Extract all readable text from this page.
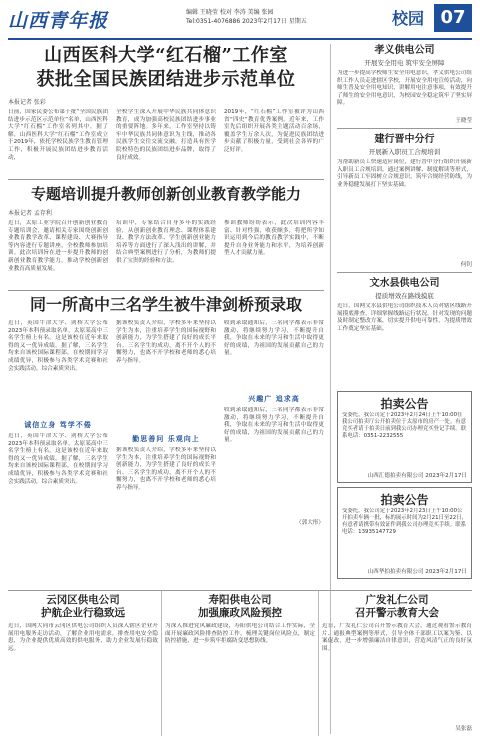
山西青年报	编辑 王晓莹 校对 李涛 美编 张园
Tel:0351-4076886 2023年2月17日 星期五	校园 07
山西医科大学“红石榴”工作室
获批全国民族团结进步示范单位
本报记者 张彩
日前，国家民委公布第十批“全国民族团结进步示范区示范单位”名单，山西医科大学“红石榴”工作室名列其中。据了解，山西医科大学“红石榴”工作室成立于2019年，依托学校民族学生教育管理工作，积极开展民族团结进步教育活动，
全校学生深入开展中华民族共同体意识教育，成为加强高校民族团结进步事业的重要阵地。多年来，工作室坚持以铸牢中华民族共同体意识为主线，推动各民族学生交往交流交融，打造具有医学院校特色的民族团结进步品牌，取得了良好成效。
2019年，“红石榴”工作室被评为山西省“四史”教育优秀案例。近年来，工作室先后组织开展各类主题活动百余场，覆盖学生万余人次，为促进民族团结进步贡献了积极力量，受到社会各界的广泛好评。
专题培训提升教师创新创业教育教学能力
本报记者 孟存利
近日，太原工业学院召开创新创业教育专题培训会，邀请相关专家围绕创新创业教育教学改革、课程建设、大赛指导等内容进行专题讲座，全校教师参加培训。此次培训旨在进一步提升教师的创新创业教育教学能力，推动学校创新创业教育高质量发展。
培训中，专家结合自身多年的实践经验，从创新创业教育理念、课程体系建设、教学方法改革、学生创新创业能力培养等方面进行了深入浅出的讲解，并结合典型案例进行了分析，为教师们提供了宝贵的经验和方法。
参训教师纷纷表示，此次培训内容丰富、针对性强，收获颇多，将把所学知识运用到今后的教育教学实践中，不断提升自身业务能力和水平，为培养创新型人才贡献力量。
同一所高中三名学生被牛津剑桥预录取
近日，英国牛津大学、剑桥大学公布2023年本科预录取名单，太原某高中三名学生榜上有名。这是该校在近年来取得的又一优异成绩。据了解，三名学生均来自该校国际课程部，在校期间学习成绩优异，积极参与各类学术竞赛和社会实践活动，综合素质突出。
诚信立身 笃学不倦
近日，英国牛津大学、剑桥大学公布2023年本科预录取名单，太原某高中三名学生榜上有名。这是该校在近年来取得的又一优异成绩。据了解，三名学生均来自该校国际课程部，在校期间学习成绩优异，积极参与各类学术竞赛和社会实践活动，综合素质突出。
据该校负责人介绍，学校多年来坚持以学生为本，注重培养学生的国际视野和创新能力，为学生搭建了良好的成长平台。三名学生的成功，离不开个人的不懈努力，也离不开学校和老师的悉心培养与指导。
勤思善问 乐观向上
据该校负责人介绍，学校多年来坚持以学生为本，注重培养学生的国际视野和创新能力，为学生搭建了良好的成长平台。三名学生的成功，离不开个人的不懈努力，也离不开学校和老师的悉心培养与指导。
收到录取通知后，三名同学都表示非常激动，将继续努力学习，不断提升自我，争取在未来的学习和生活中取得更好的成绩，为祖国的发展贡献自己的力量。
兴趣广 追求高
收到录取通知后，三名同学都表示非常激动，将继续努力学习，不断提升自我，争取在未来的学习和生活中取得更好的成绩，为祖国的发展贡献自己的力量。
（郭大彤）
孝义供电公司
开展安全用电 筑牢安全屏障
为进一步提高学校师生安全用电意识，孝义供电公司组织工作人员走进辖区学校，开展安全用电宣传活动，向师生普及安全用电知识，讲解用电注意事项，有效提升了师生的安全用电意识，为校园安全稳定筑牢了坚实屏障。
王晓莹
建行晋中分行
开展新入职员工合规培训
为帮助新员工快速适应岗位，建行晋中分行组织开展新入职员工合规培训，通过案例讲解、制度解读等形式，引导新员工牢固树立合规意识，筑牢合规经营防线，为业务稳健发展打下坚实基础。
何钊
文水县供电公司
提质增效在路线摸底
近日，国网文水县供电公司组织技术人员对辖区线路开展摸底排查，详细掌握线路运行状况，针对发现的问题及时制定整改方案，切实提升供电可靠性，为提质增效工作奠定坚实基础。
拍卖公告
受委托，我公司定于2023年2月24日上午10:00在我公司拍卖厅公开拍卖位于太原市的房产一处。有意竞买者请于拍卖日前到我公司办理竞买登记手续。联系电话：0351-2232555
山西汇德拍卖有限公司 2023年2月17日
拍卖公告
受委托，我公司定于2023年2月23日上午10:00公开拍卖车辆一批，标的展示时间为2月21日至22日，有意者请携带有效证件到我公司办理竞买手续。联系电话：13935147729
山西华拍拍卖有限公司 2023年2月17日
云冈区供电公司
护航企业行稳致远
近日，国网大同市云冈区供电公司组织人员深入辖区企业开展用电服务走访活动，了解企业用电需求，排查用电安全隐患，为企业提供优质高效的供电服务，助力企业发展行稳致远。
寿阳供电公司
加强廉政风险预控
为深入推进党风廉政建设，寿阳供电公司结合工作实际，全面开展廉政风险排查防控工作，梳理关键岗位风险点，制定防控措施，进一步筑牢拒腐防变思想防线。
广发礼仁公司
召开警示教育大会
近日，广发礼仁公司召开警示教育大会，通过观看警示教育片、通报典型案例等形式，引导全体干部职工以案为鉴、以案促改，进一步增强廉洁自律意识，营造风清气正的良好氛围。
吴张磊
